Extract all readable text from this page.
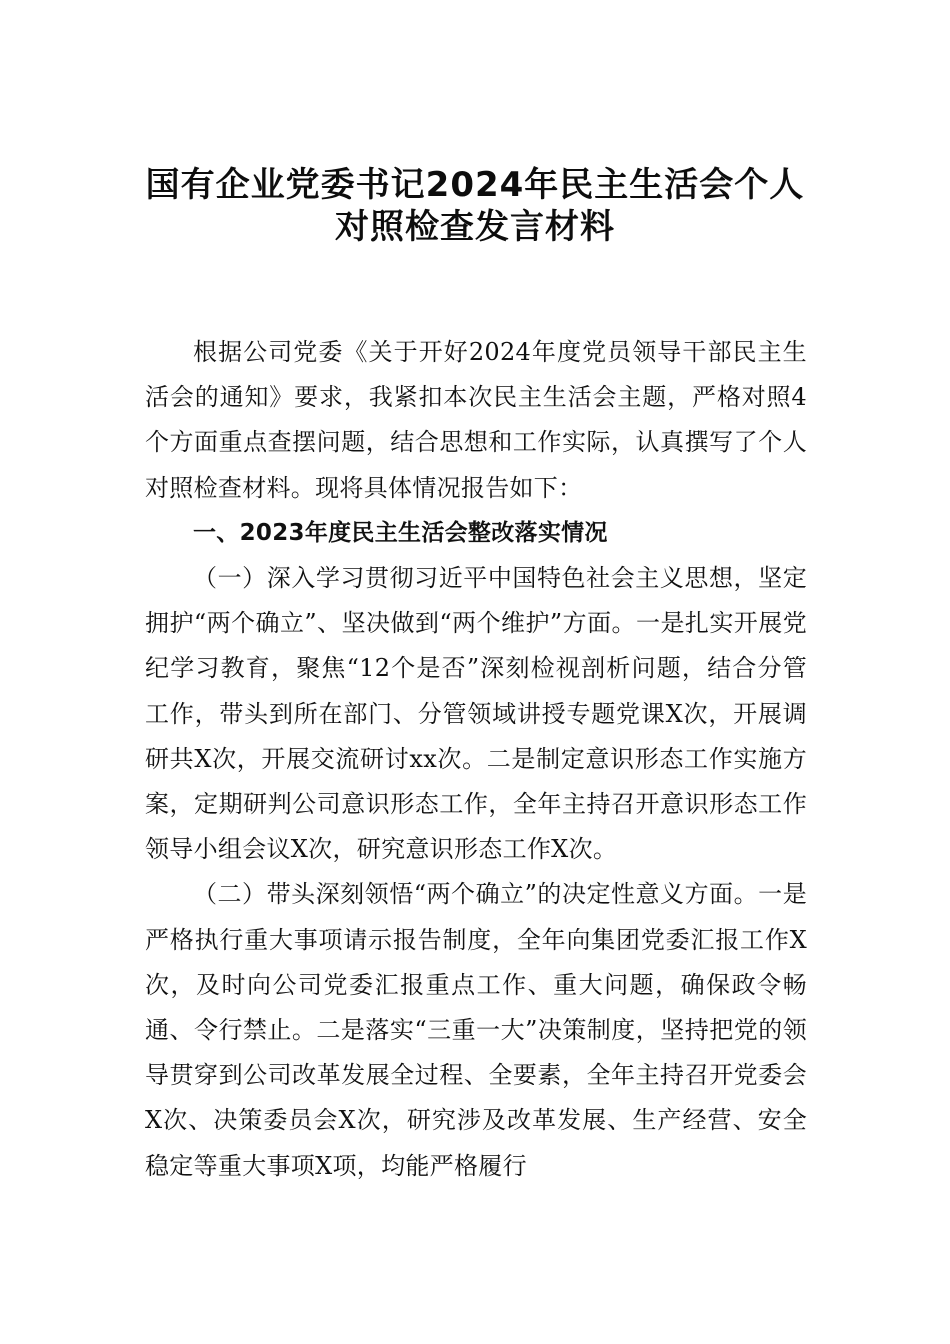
国有企业党委书记2024年民主生活会个人
对照检查发言材料

根据公司党委《关于开好2024年度党员领导干部民主生活会的通知》要求，我紧扣本次民主生活会主题，严格对照4个方面重点查摆问题，结合思想和工作实际，认真撰写了个人对照检查材料。现将具体情况报告如下：

一、2023年度民主生活会整改落实情况

（一）深入学习贯彻习近平中国特色社会主义思想，坚定拥护“两个确立”、坚决做到“两个维护”方面。一是扎实开展党纪学习教育，聚焦“12个是否”深刻检视剖析问题，结合分管工作，带头到所在部门、分管领域讲授专题党课X次，开展调研共X次，开展交流研讨xx次。二是制定意识形态工作实施方案，定期研判公司意识形态工作，全年主持召开意识形态工作领导小组会议X次，研究意识形态工作X次。

（二）带头深刻领悟“两个确立”的决定性意义方面。一是严格执行重大事项请示报告制度，全年向集团党委汇报工作X次，及时向公司党委汇报重点工作、重大问题，确保政令畅通、令行禁止。二是落实“三重一大”决策制度，坚持把党的领导贯穿到公司改革发展全过程、全要素，全年主持召开党委会X次、决策委员会X次，研究涉及改革发展、生产经营、安全稳定等重大事项X项，均能严格履行
